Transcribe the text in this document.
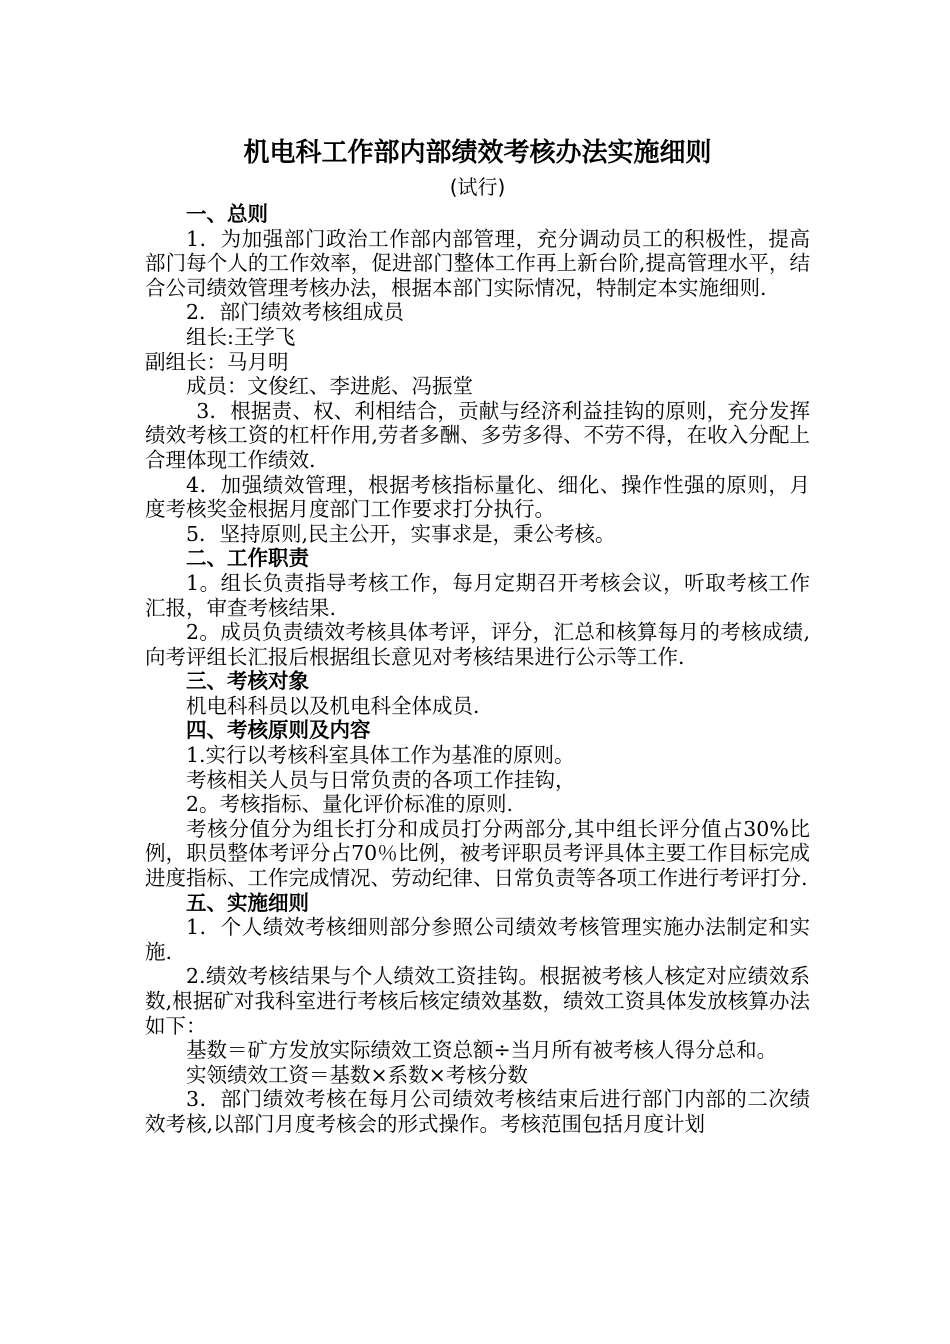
机电科工作部内部绩效考核办法实施细则
(试行)
一、总则

1．为加强部门政治工作部内部管理，充分调动员工的积极性，提高部门每个人的工作效率，促进部门整体工作再上新台阶,提高管理水平，结合公司绩效管理考核办法，根据本部门实际情况，特制定本实施细则.

2．部门绩效考核组成员

组长:王学飞

副组长：马月明

成员：文俊红、李进彪、冯振堂

3．根据责、权、利相结合，贡献与经济利益挂钩的原则，充分发挥绩效考核工资的杠杆作用,劳者多酬、多劳多得、不劳不得，在收入分配上合理体现工作绩效.

4．加强绩效管理，根据考核指标量化、细化、操作性强的原则，月度考核奖金根据月度部门工作要求打分执行。

5．坚持原则,民主公开，实事求是，秉公考核。

二、工作职责

1。组长负责指导考核工作，每月定期召开考核会议，听取考核工作汇报，审查考核结果.

2。成员负责绩效考核具体考评，评分，汇总和核算每月的考核成绩,向考评组长汇报后根据组长意见对考核结果进行公示等工作.

三、考核对象

机电科科员以及机电科全体成员.

四、考核原则及内容

1.实行以考核科室具体工作为基准的原则。

考核相关人员与日常负责的各项工作挂钩，

2。考核指标、量化评价标准的原则.

考核分值分为组长打分和成员打分两部分,其中组长评分值占30%比例，职员整体考评分占70％比例，被考评职员考评具体主要工作目标完成进度指标、工作完成情况、劳动纪律、日常负责等各项工作进行考评打分.

五、实施细则

1．个人绩效考核细则部分参照公司绩效考核管理实施办法制定和实施.

2.绩效考核结果与个人绩效工资挂钩。根据被考核人核定对应绩效系数,根据矿对我科室进行考核后核定绩效基数，绩效工资具体发放核算办法如下：

基数＝矿方发放实际绩效工资总额÷当月所有被考核人得分总和。

实领绩效工资＝基数×系数×考核分数

3．部门绩效考核在每月公司绩效考核结束后进行部门内部的二次绩效考核,以部门月度考核会的形式操作。考核范围包括月度计划
